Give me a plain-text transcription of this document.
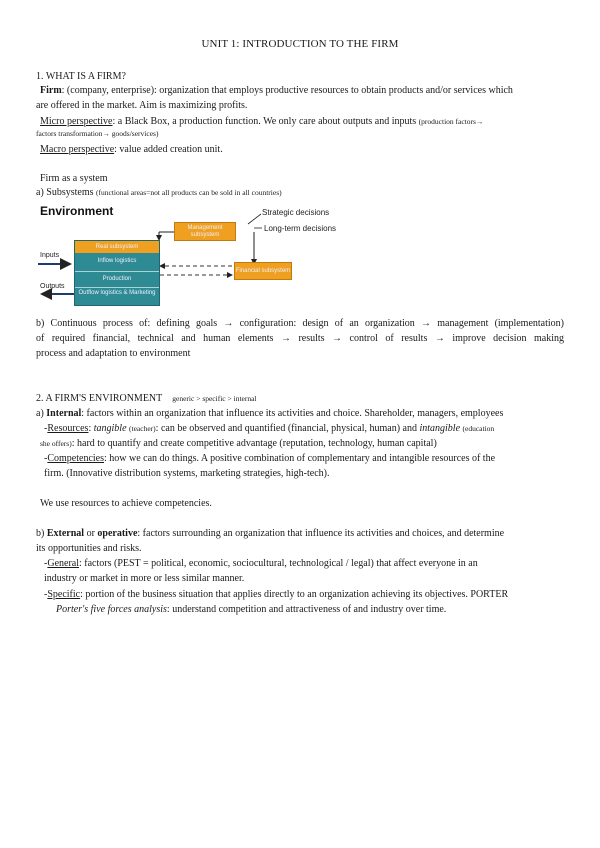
UNIT 1: INTRODUCTION TO THE FIRM
1. WHAT IS A FIRM?
Firm: (company, enterprise): organization that employs productive resources to obtain products and/or services which
are offered in the market. Aim is maximizing profits.
Micro perspective: a Black Box, a production function. We only care about outputs and inputs (production factors→
factors transformation→ goods/services)
Macro perspective: value added creation unit.
Firm as a system
a) Subsystems (functional areas=not all products can be sold in all countries)
Environment	Strategic decisions
Long-term decisions
Management subsystem
Real subsystem
Inflow logistics
Production
Outflow logistics & Marketing
Financial subsystem
Inputs
Outputs
b) Continuous process of: defining goals → configuration: design of an organization → management (implementation)
of required financial, technical and human elements → results → control of results → improve decision making
process and adaptation to environment
2. A FIRM'S ENVIRONMENT generic > specific > internal
a) Internal: factors within an organization that influence its activities and choice. Shareholder, managers, employees
-Resources: tangible (teacher): can be observed and quantified (financial, physical, human) and intangible (education
she offers): hard to quantify and create competitive advantage (reputation, technology, human capital)
-Competencies: how we can do things. A positive combination of complementary and intangible resources of the
firm. (Innovative distribution systems, marketing strategies, high-tech).
We use resources to achieve competencies.
b) External or operative: factors surrounding an organization that influence its activities and choices, and determine
its opportunities and risks.
-General: factors (PEST = political, economic, sociocultural, technological / legal) that affect everyone in an
industry or market in more or less similar manner.
-Specific: portion of the business situation that applies directly to an organization achieving its objectives. PORTER
Porter's five forces analysis: understand competition and attractiveness of and industry over time.
